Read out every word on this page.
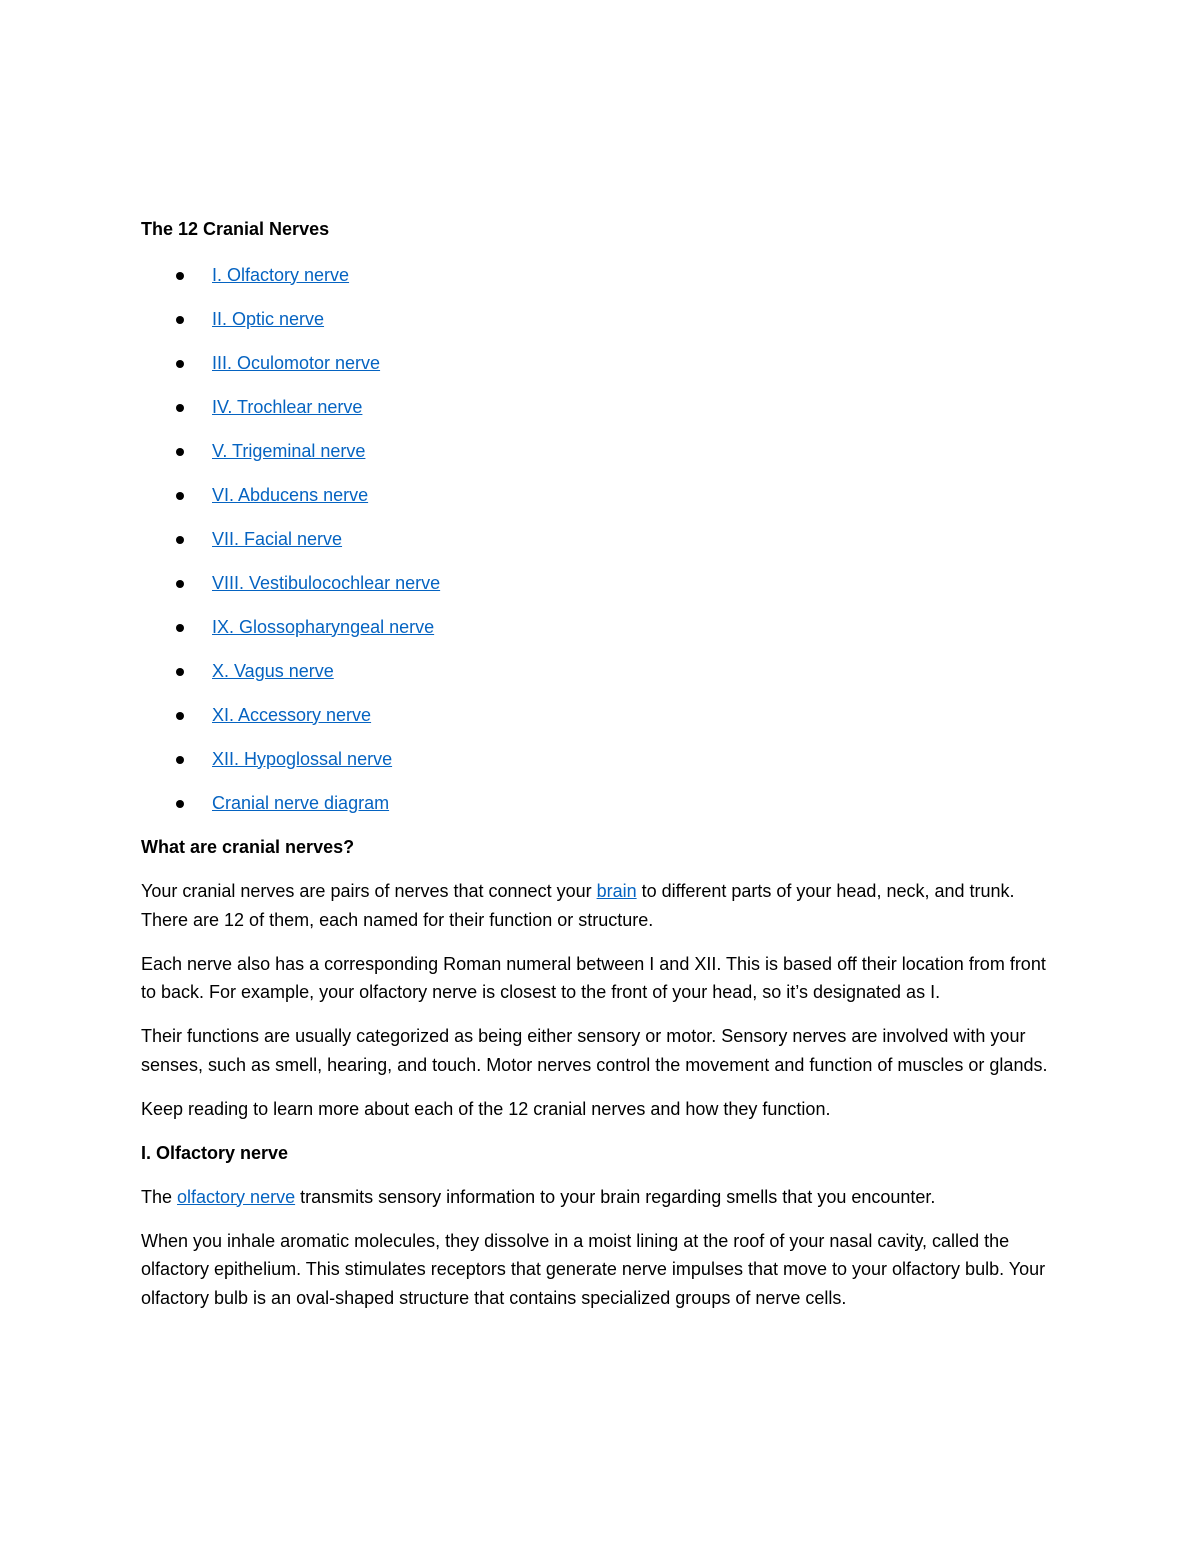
The 12 Cranial Nerves

I. Olfactory nerve
II. Optic nerve
III. Oculomotor nerve
IV. Trochlear nerve
V. Trigeminal nerve
VI. Abducens nerve
VII. Facial nerve
VIII. Vestibulocochlear nerve
IX. Glossopharyngeal nerve
X. Vagus nerve
XI. Accessory nerve
XII. Hypoglossal nerve
Cranial nerve diagram

What are cranial nerves?

Your cranial nerves are pairs of nerves that connect your brain to different parts of your head, neck, and trunk. There are 12 of them, each named for their function or structure.

Each nerve also has a corresponding Roman numeral between I and XII. This is based off their location from front to back. For example, your olfactory nerve is closest to the front of your head, so it’s designated as I.

Their functions are usually categorized as being either sensory or motor. Sensory nerves are involved with your senses, such as smell, hearing, and touch. Motor nerves control the movement and function of muscles or glands.

Keep reading to learn more about each of the 12 cranial nerves and how they function.

I. Olfactory nerve

The olfactory nerve transmits sensory information to your brain regarding smells that you encounter.

When you inhale aromatic molecules, they dissolve in a moist lining at the roof of your nasal cavity, called the olfactory epithelium. This stimulates receptors that generate nerve impulses that move to your olfactory bulb. Your olfactory bulb is an oval-shaped structure that contains specialized groups of nerve cells.
